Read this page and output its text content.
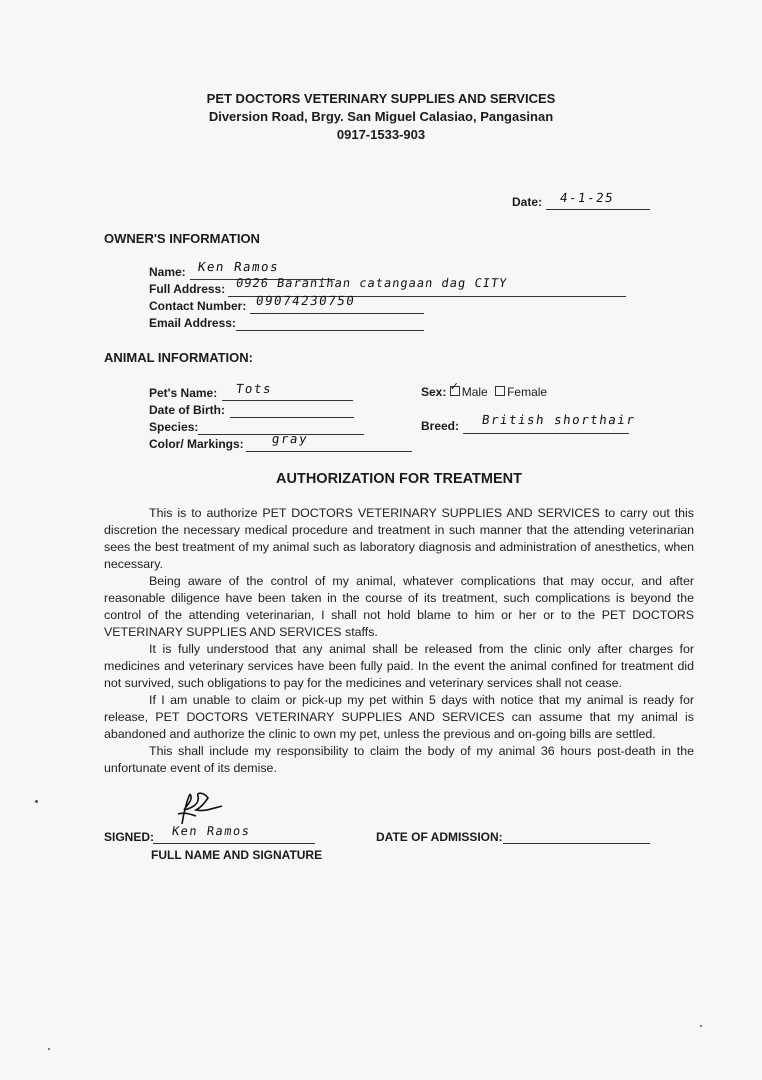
PET DOCTORS VETERINARY SUPPLIES AND SERVICES
Diversion Road, Brgy. San Miguel Calasiao, Pangasinan
0917-1533-903
Date: 4-1-25
OWNER'S INFORMATION
Name: Ken Ramos
Full Address: 0926 Baranihan catangaan dag CITY
Contact Number: 09074230750
Email Address:
ANIMAL INFORMATION:
Pet's Name: Tots
Date of Birth:
Species:
Color/ Markings: gray
Sex: ✓ Male Female
Breed: British shorthair
AUTHORIZATION FOR TREATMENT

This is to authorize PET DOCTORS VETERINARY SUPPLIES AND SERVICES to carry out this discretion the necessary medical procedure and treatment in such manner that the attending veterinarian sees the best treatment of my animal such as laboratory diagnosis and administration of anesthetics, when necessary.

Being aware of the control of my animal, whatever complications that may occur, and after reasonable diligence have been taken in the course of its treatment, such complications is beyond the control of the attending veterinarian, I shall not hold blame to him or her or to the PET DOCTORS VETERINARY SUPPLIES AND SERVICES staffs.

It is fully understood that any animal shall be released from the clinic only after charges for medicines and veterinary services have been fully paid. In the event the animal confined for treatment did not survived, such obligations to pay for the medicines and veterinary services shall not cease.

If I am unable to claim or pick-up my pet within 5 days with notice that my animal is ready for release, PET DOCTORS VETERINARY SUPPLIES AND SERVICES can assume that my animal is abandoned and authorize the clinic to own my pet, unless the previous and on-going bills are settled.

This shall include my responsibility to claim the body of my animal 36 hours post-death in the unfortunate event of its demise.

SIGNED: Ken Ramos
FULL NAME AND SIGNATURE
DATE OF ADMISSION:
